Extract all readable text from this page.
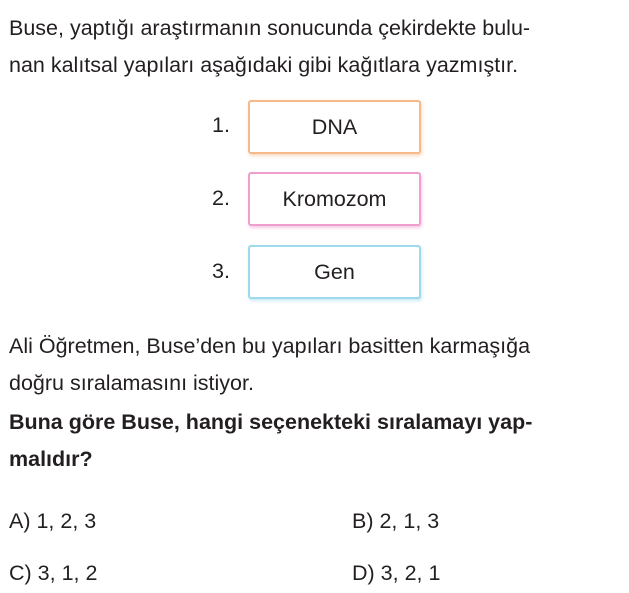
Buse, yaptığı araştırmanın sonucunda çekirdekte bulu-
nan kalıtsal yapıları aşağıdaki gibi kağıtlara yazmıştır.

1.	DNA
2.	Kromozom
3.	Gen

Ali Öğretmen, Buse’den bu yapıları basitten karmaşığa
doğru sıralamasını istiyor.

Buna göre Buse, hangi seçenekteki sıralamayı yap-
malıdır?

A) 1, 2, 3	B) 2, 1, 3
C) 3, 1, 2	D) 3, 2, 1
